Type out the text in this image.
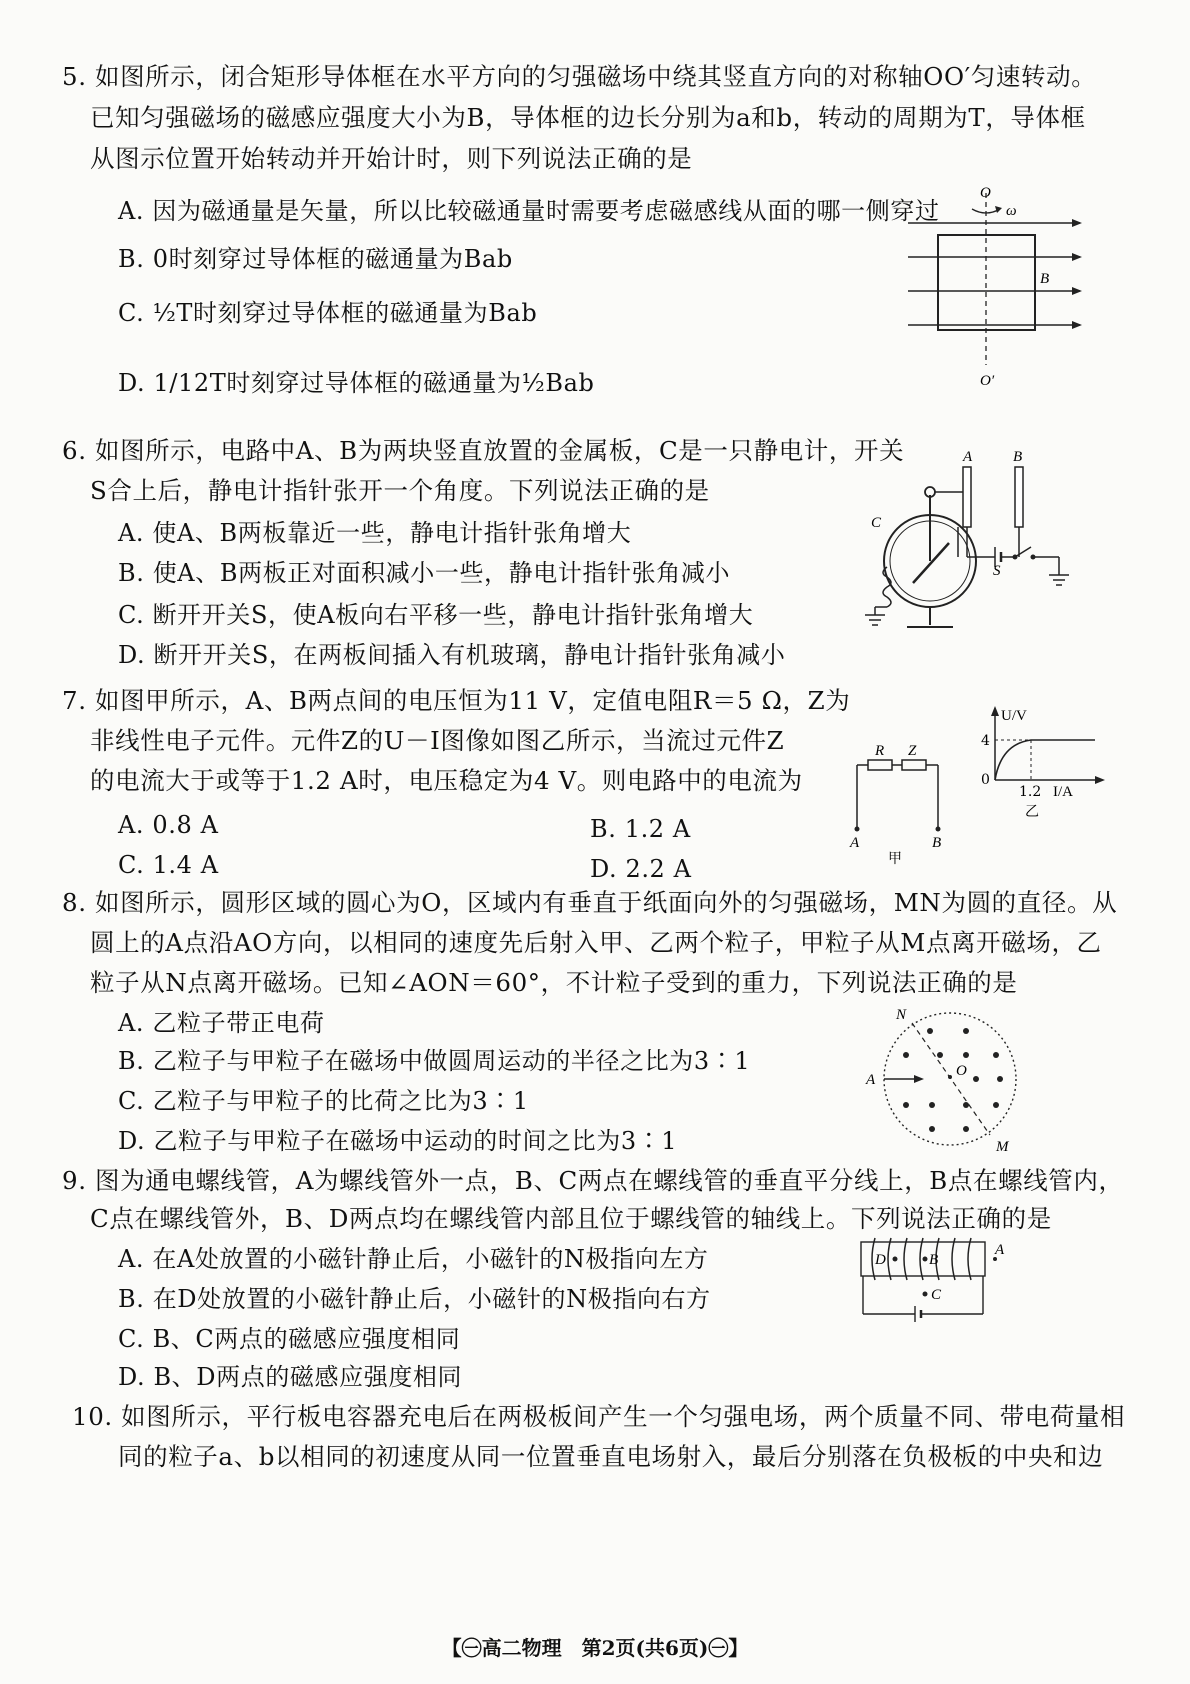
5. 如图所示，闭合矩形导体框在水平方向的匀强磁场中绕其竖直方向的对称轴OO′匀速转动。
已知匀强磁场的磁感应强度大小为B，导体框的边长分别为a和b，转动的周期为T，导体框
从图示位置开始转动并开始计时，则下列说法正确的是
A. 因为磁通量是矢量，所以比较磁通量时需要考虑磁感线从面的哪一侧穿过
B. 0时刻穿过导体框的磁通量为Bab
C. ½T时刻穿过导体框的磁通量为Bab
D. 1/12T时刻穿过导体框的磁通量为½Bab
O
ω
B
O′
6. 如图所示，电路中A、B为两块竖直放置的金属板，C是一只静电计，开关
S合上后，静电计指针张开一个角度。下列说法正确的是
A. 使A、B两板靠近一些，静电计指针张角增大
B. 使A、B两板正对面积减小一些，静电计指针张角减小
C. 断开开关S，使A板向右平移一些，静电计指针张角增大
D. 断开开关S，在两板间插入有机玻璃，静电计指针张角减小
A	B
C
S
7. 如图甲所示，A、B两点间的电压恒为11 V，定值电阻R＝5 Ω，Z为
非线性电子元件。元件Z的U－I图像如图乙所示，当流过元件Z
的电流大于或等于1.2 A时，电压稳定为4 V。则电路中的电流为
A. 0.8 A	B. 1.2 A
C. 1.4 A	D. 2.2 A
R Z
A	B
甲
U/V
4
0
1.2 I/A
乙
8. 如图所示，圆形区域的圆心为O，区域内有垂直于纸面向外的匀强磁场，MN为圆的直径。从
圆上的A点沿AO方向，以相同的速度先后射入甲、乙两个粒子，甲粒子从M点离开磁场，乙
粒子从N点离开磁场。已知∠AON＝60°，不计粒子受到的重力，下列说法正确的是
A. 乙粒子带正电荷
B. 乙粒子与甲粒子在磁场中做圆周运动的半径之比为3∶1
C. 乙粒子与甲粒子的比荷之比为3∶1
D. 乙粒子与甲粒子在磁场中运动的时间之比为3∶1
N
O
A
M
9. 图为通电螺线管，A为螺线管外一点，B、C两点在螺线管的垂直平分线上，B点在螺线管内，
C点在螺线管外，B、D两点均在螺线管内部且位于螺线管的轴线上。下列说法正确的是
A. 在A处放置的小磁针静止后，小磁针的N极指向左方
B. 在D处放置的小磁针静止后，小磁针的N极指向右方
C. B、C两点的磁感应强度相同
D. B、D两点的磁感应强度相同
D	B
A
C
10. 如图所示，平行板电容器充电后在两极板间产生一个匀强电场，两个质量不同、带电荷量相
同的粒子a、b以相同的初速度从同一位置垂直电场射入，最后分别落在负极板的中央和边
【㊀高二物理　第2页(共6页)㊀】
